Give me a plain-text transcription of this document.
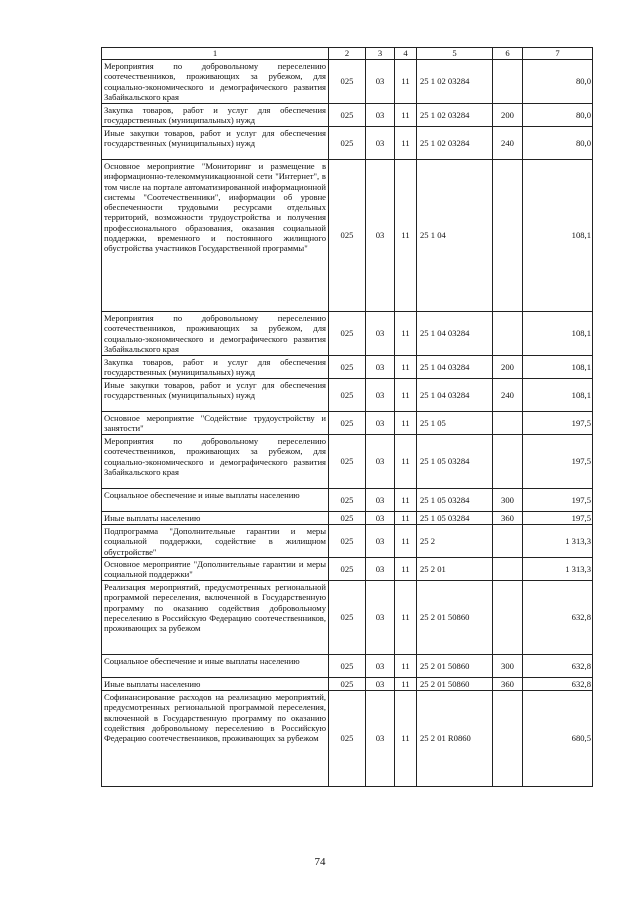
1	2	3	4	5	6	7
Мероприятия по добровольному переселению соотечественников, проживающих за рубежом, для социально-экономического и демографического развития Забайкальского края	025	03	11	25 1 02 03284		80,0
Закупка товаров, работ и услуг для обеспечения государственных (муниципальных) нужд	025	03	11	25 1 02 03284	200	80,0
Иные закупки товаров, работ и услуг для обеспечения государственных (муниципальных) нужд	025	03	11	25 1 02 03284	240	80,0
Основное мероприятие "Мониторинг и размещение в информационно-телекоммуникационной сети "Интернет", в том числе на портале автоматизированной информационной системы "Соотечественники", информации об уровне обеспеченности трудовыми ресурсами отдельных территорий, возможности трудоустройства и получения профессионального образования, оказания социальной поддержки, временного и постоянного жилищного обустройства участников Государственной программы"	025	03	11	25 1 04		108,1
Мероприятия по добровольному переселению соотечественников, проживающих за рубежом, для социально-экономического и демографического развития Забайкальского края	025	03	11	25 1 04 03284		108,1
Закупка товаров, работ и услуг для обеспечения государственных (муниципальных) нужд	025	03	11	25 1 04 03284	200	108,1
Иные закупки товаров, работ и услуг для обеспечения государственных (муниципальных) нужд	025	03	11	25 1 04 03284	240	108,1
Основное мероприятие "Содействие трудоустройству и занятости"	025	03	11	25 1 05		197,5
Мероприятия по добровольному переселению соотечественников, проживающих за рубежом, для социально-экономического и демографического развития Забайкальского края	025	03	11	25 1 05 03284		197,5
Социальное обеспечение и иные выплаты населению	025	03	11	25 1 05 03284	300	197,5
Иные выплаты населению	025	03	11	25 1 05 03284	360	197,5
Подпрограмма "Дополнительные гарантии и меры социальной поддержки, содействие в жилищном обустройстве"	025	03	11	25 2		1 313,3
Основное мероприятие "Дополнительные гарантии и меры социальной поддержки"	025	03	11	25 2 01		1 313,3
Реализация мероприятий, предусмотренных региональной программой переселения, включенной в Государственную программу по оказанию содействия добровольному переселению в Российскую Федерацию соотечественников, проживающих за рубежом	025	03	11	25 2 01 50860		632,8
Социальное обеспечение и иные выплаты населению	025	03	11	25 2 01 50860	300	632,8
Иные выплаты населению	025	03	11	25 2 01 50860	360	632,8
Софинансирование расходов на реализацию мероприятий, предусмотренных региональной программой переселения, включенной в Государственную программу по оказанию содействия добровольному переселению в Российскую Федерацию соотечественников, проживающих за рубежом	025	03	11	25 2 01 R0860		680,5
74
